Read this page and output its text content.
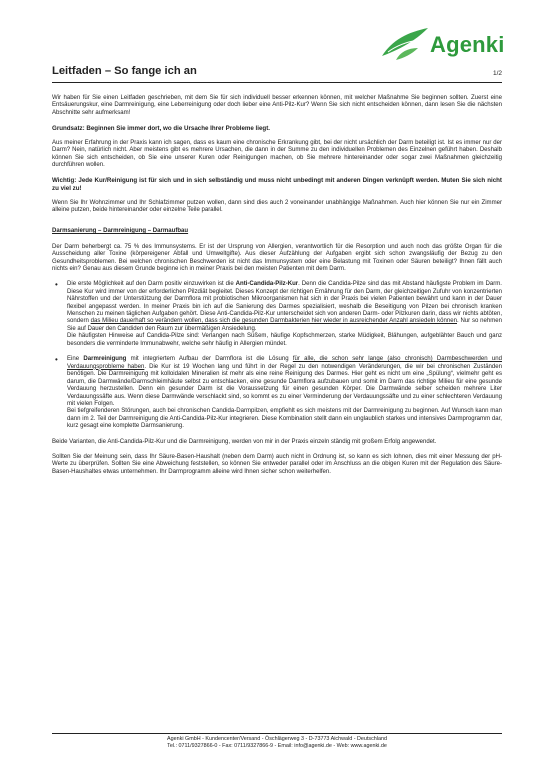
Agenki
Leitfaden – So fange ich an	1/2

Wir haben für Sie einen Leitfaden geschrieben, mit dem Sie für sich individuell besser erkennen können, mit welcher Maßnahme Sie beginnen sollten. Zuerst eine Entsäuerungskur, eine Darmreinigung, eine Leberreinigung oder doch lieber eine Anti-Pilz-Kur? Wenn Sie sich nicht entscheiden können, dann lesen Sie die nächsten Abschnitte sehr aufmerksam!

Grundsatz: Beginnen Sie immer dort, wo die Ursache Ihrer Probleme liegt.

Aus meiner Erfahrung in der Praxis kann ich sagen, dass es kaum eine chronische Erkrankung gibt, bei der nicht ursächlich der Darm beteiligt ist. Ist es immer nur der Darm? Nein, natürlich nicht. Aber meistens gibt es mehrere Ursachen, die dann in der Summe zu den individuellen Problemen des Einzelnen geführt haben. Deshalb können Sie sich entscheiden, ob Sie eine unserer Kuren oder Reinigungen machen, ob Sie mehrere hintereinander oder sogar zwei Maßnahmen gleichzeitig durchführen wollen.

Wichtig: Jede Kur/Reinigung ist für sich und in sich selbständig und muss nicht unbedingt mit anderen Dingen verknüpft werden. Muten Sie sich nicht zu viel zu!

Wenn Sie Ihr Wohnzimmer und Ihr Schlafzimmer putzen wollen, dann sind dies auch 2 voneinander unabhängige Maßnahmen. Auch hier können Sie nur ein Zimmer alleine putzen, beide hintereinander oder einzelne Teile parallel.

Darmsanierung – Darmreinigung – Darmaufbau

Der Darm beherbergt ca. 75 % des Immunsystems. Er ist der Ursprung von Allergien, verantwortlich für die Resorption und auch noch das größte Organ für die Ausscheidung aller Toxine (körpereigener Abfall und Umweltgifte). Aus dieser Aufzählung der Aufgaben ergibt sich schon zwangsläufig der Bezug zu den Gesundheitsproblemen. Bei welchen chronischen Beschwerden ist nicht das Immunsystem oder eine Belastung mit Toxinen oder Säuren beteiligt? Ihnen fällt auch nichts ein? Genau aus diesem Grunde beginne ich in meiner Praxis bei den meisten Patienten mit dem Darm.

• Die erste Möglichkeit auf den Darm positiv einzuwirken ist die Anti-Candida-Pilz-Kur. Denn die Candida-Pilze sind das mit Abstand häufigste Problem im Darm. Diese Kur wird immer von der erforderlichen Pilzdiät begleitet. Dieses Konzept der richtigen Ernährung für den Darm, der gleichzeitigen Zufuhr von konzentrierten Nährstoffen und der Unterstützung der Darmflora mit probiotischen Mikroorganismen hat sich in der Praxis bei vielen Patienten bewährt und kann in der Dauer flexibel angepasst werden. In meiner Praxis bin ich auf die Sanierung des Darmes spezialisiert, weshalb die Beseitigung von Pilzen bei chronisch kranken Menschen zu meinen täglichen Aufgaben gehört. Diese Anti-Candida-Pilz-Kur unterscheidet sich von anderen Darm- oder Pilzkuren darin, dass wir nichts abtöten, sondern das Milieu dauerhaft so verändern wollen, dass sich die gesunden Darmbakterien hier wieder in ausreichender Anzahl ansiedeln können. Nur so nehmen Sie auf Dauer den Candiden den Raum zur übermäßigen Ansiedelung.
Die häufigsten Hinweise auf Candida-Pilze sind: Verlangen nach Süßem, häufige Kopfschmerzen, starke Müdigkeit, Blähungen, aufgeblähter Bauch und ganz besonders die verminderte Immunabwehr, welche sehr häufig in Allergien mündet.
• Eine Darmreinigung mit integriertem Aufbau der Darmflora ist die Lösung für alle, die schon sehr lange (also chronisch) Darmbeschwerden und Verdauungsprobleme haben. Die Kur ist 19 Wochen lang und führt in der Regel zu den notwendigen Veränderungen, die wir bei chronischen Zuständen benötigen. Die Darmreinigung mit kolloidalen Mineralien ist mehr als eine reine Reinigung des Darmes. Hier geht es nicht um eine „Spülung“, vielmehr geht es darum, die Darmwände/Darmschleimhäute selbst zu entschlacken, eine gesunde Darmflora aufzubauen und somit im Darm das richtige Milieu für eine gesunde Verdauung herzustellen. Denn ein gesunder Darm ist die Voraussetzung für einen gesunden Körper. Die Darmwände selber scheiden mehrere Liter Verdauungssäfte aus. Wenn diese Darmwände verschlackt sind, so kommt es zu einer Verminderung der Verdauungssäfte und zu einer schlechteren Verdauung mit vielen Folgen.
Bei tiefgreifenderen Störungen, auch bei chronischen Candida-Darmpilzen, empfiehlt es sich meistens mit der Darmreinigung zu beginnen. Auf Wunsch kann man dann im 2. Teil der Darmreinigung die Anti-Candida-Pilz-Kur integrieren. Diese Kombination stellt dann ein unglaublich starkes und intensives Darmprogramm dar, kurz gesagt eine komplette Darmsanierung.

Beide Varianten, die Anti-Candida-Pilz-Kur und die Darmreinigung, werden von mir in der Praxis einzeln ständig mit großem Erfolg angewendet.

Sollten Sie der Meinung sein, dass Ihr Säure-Basen-Haushalt (neben dem Darm) auch nicht in Ordnung ist, so kann es sich lohnen, dies mit einer Messung der pH-Werte zu überprüfen. Sollten Sie eine Abweichung feststellen, so können Sie entweder parallel oder im Anschluss an die obigen Kuren mit der Regulation des Säure-Basen-Haushaltes etwas unternehmen. Ihr Darmprogramm alleine wird Ihnen sicher schon weiterhelfen.

Agenki GmbH - Kundencenter/Versand - Öschlägerweg 3 - D-73773 Aichwald - Deutschland
Tel.: 0711/9327866-0 - Fax: 0711/9327866-9 - Email: info@agenki.de - Web: www.agenki.de
